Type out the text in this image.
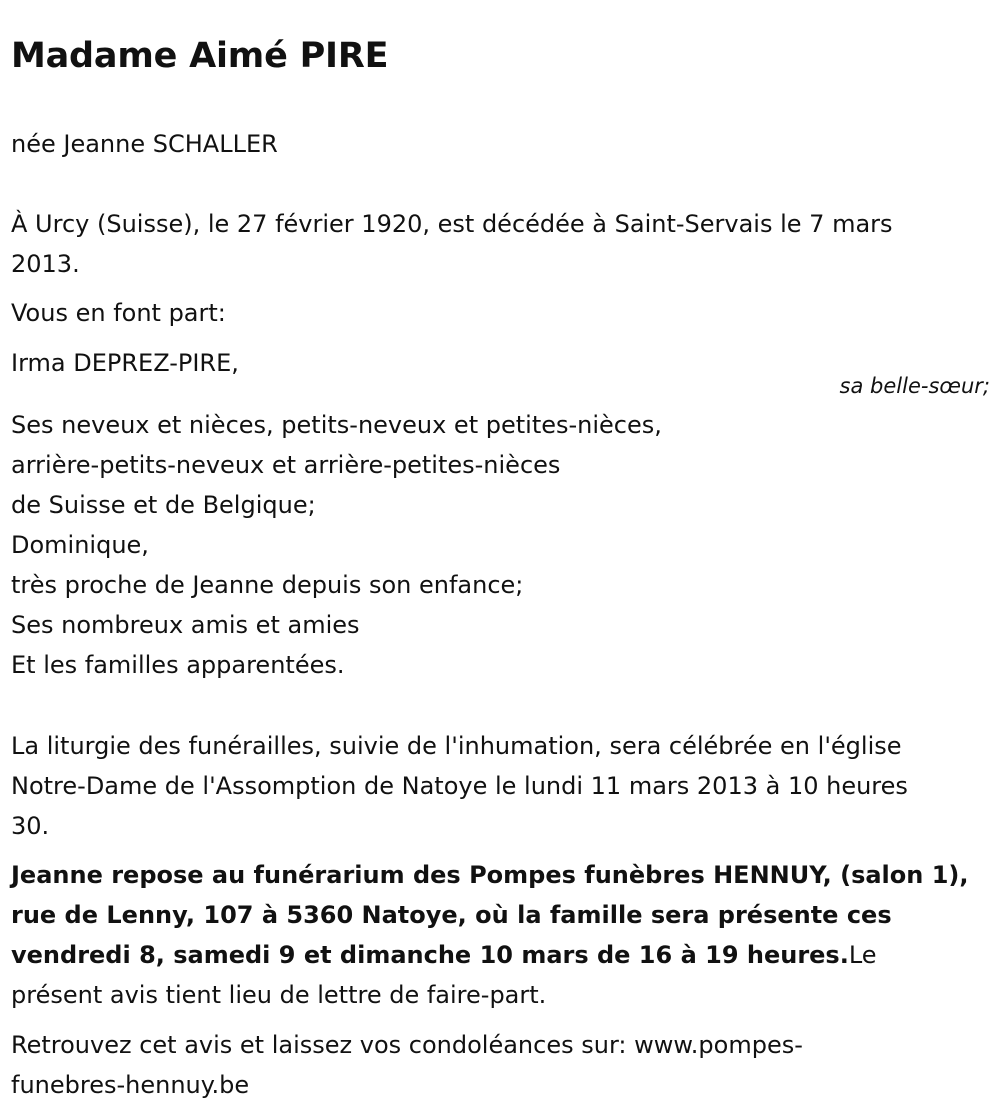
Madame Aimé PIRE
née Jeanne SCHALLER
À Urcy (Suisse), le 27 février 1920, est décédée à Saint-Servais le 7 mars
2013.
Vous en font part:
Irma DEPREZ-PIRE,
sa belle-sœur;
Ses neveux et nièces, petits-neveux et petites-nièces,
arrière-petits-neveux et arrière-petites-nièces
de Suisse et de Belgique;
Dominique,
très proche de Jeanne depuis son enfance;
Ses nombreux amis et amies
Et les familles apparentées.
La liturgie des funérailles, suivie de l'inhumation, sera célébrée en l'église
Notre-Dame de l'Assomption de Natoye le lundi 11 mars 2013 à 10 heures
30.
Jeanne repose au funérarium des Pompes funèbres HENNUY, (salon 1),
rue de Lenny, 107 à 5360 Natoye, où la famille sera présente ces
vendredi 8, samedi 9 et dimanche 10 mars de 16 à 19 heures.Le
présent avis tient lieu de lettre de faire-part.
Retrouvez cet avis et laissez vos condoléances sur: www.pompes-
funebres-hennuy.be
